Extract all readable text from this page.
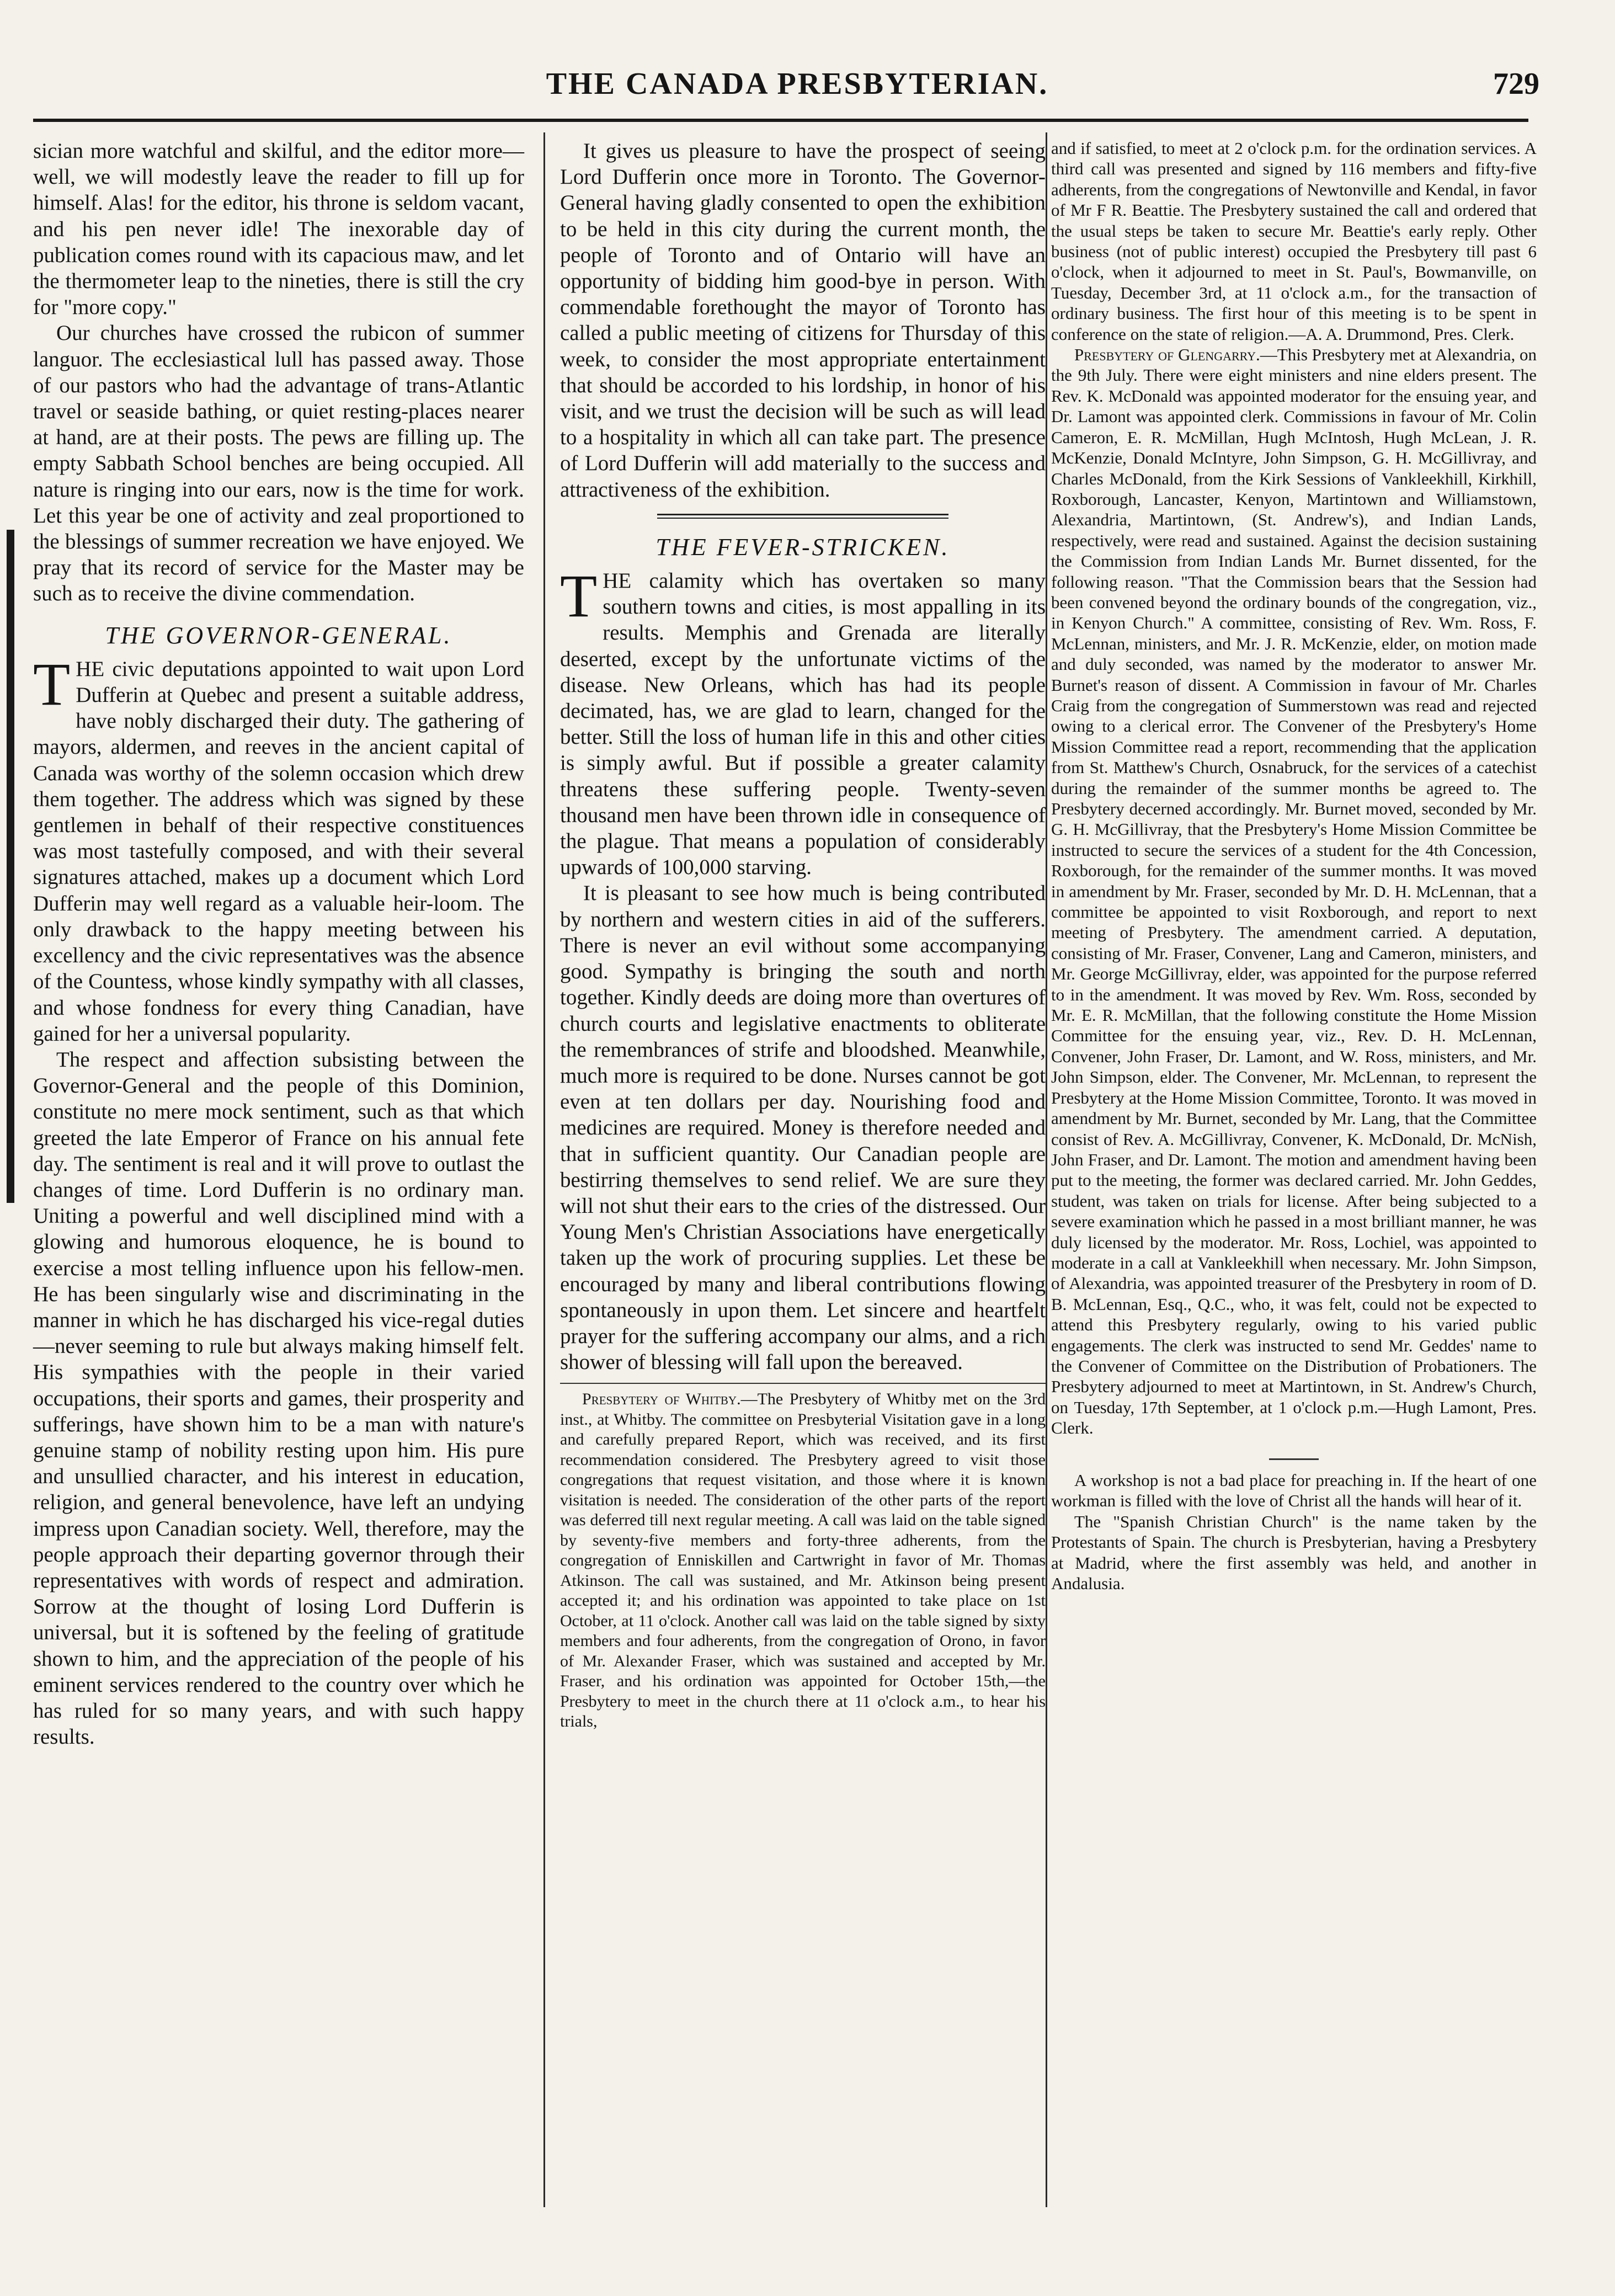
THE CANADA PRESBYTERIAN.	729

sician more watchful and skilful, and the editor more—well, we will modestly leave the reader to fill up for himself. Alas! for the editor, his throne is seldom vacant, and his pen never idle! The inexorable day of publication comes round with its capacious maw, and let the thermometer leap to the nineties, there is still the cry for "more copy."

Our churches have crossed the rubicon of summer languor. The ecclesiastical lull has passed away. Those of our pastors who had the advantage of trans-Atlantic travel or seaside bathing, or quiet resting-places nearer at hand, are at their posts. The pews are filling up. The empty Sabbath School benches are being occupied. All nature is ringing into our ears, now is the time for work. Let this year be one of activity and zeal proportioned to the blessings of summer recreation we have enjoyed. We pray that its record of service for the Master may be such as to receive the divine commendation.

THE GOVERNOR-GENERAL.

THE civic deputations appointed to wait upon Lord Dufferin at Quebec and present a suitable address, have nobly discharged their duty. The gathering of mayors, aldermen, and reeves in the ancient capital of Canada was worthy of the solemn occasion which drew them together. The address which was signed by these gentlemen in behalf of their respective constituences was most tastefully composed, and with their several signatures attached, makes up a document which Lord Dufferin may well regard as a valuable heir-loom. The only drawback to the happy meeting between his excellency and the civic representatives was the absence of the Countess, whose kindly sympathy with all classes, and whose fondness for every thing Canadian, have gained for her a universal popularity.

The respect and affection subsisting between the Governor-General and the people of this Dominion, constitute no mere mock sentiment, such as that which greeted the late Emperor of France on his annual fete day. The sentiment is real and it will prove to outlast the changes of time. Lord Dufferin is no ordinary man. Uniting a powerful and well disciplined mind with a glowing and humorous eloquence, he is bound to exercise a most telling influence upon his fellow-men. He has been singularly wise and discriminating in the manner in which he has discharged his vice-regal duties—never seeming to rule but always making himself felt. His sympathies with the people in their varied occupations, their sports and games, their prosperity and sufferings, have shown him to be a man with nature's genuine stamp of nobility resting upon him. His pure and unsullied character, and his interest in education, religion, and general benevolence, have left an undying impress upon Canadian society. Well, therefore, may the people approach their departing governor through their representatives with words of respect and admiration. Sorrow at the thought of losing Lord Dufferin is universal, but it is softened by the feeling of gratitude shown to him, and the appreciation of the people of his eminent services rendered to the country over which he has ruled for so many years, and with such happy results.

It gives us pleasure to have the prospect of seeing Lord Dufferin once more in Toronto. The Governor-General having gladly consented to open the exhibition to be held in this city during the current month, the people of Toronto and of Ontario will have an opportunity of bidding him good-bye in person. With commendable forethought the mayor of Toronto has called a public meeting of citizens for Thursday of this week, to consider the most appropriate entertainment that should be accorded to his lordship, in honor of his visit, and we trust the decision will be such as will lead to a hospitality in which all can take part. The presence of Lord Dufferin will add materially to the success and attractiveness of the exhibition.

THE FEVER-STRICKEN.

THE calamity which has overtaken so many southern towns and cities, is most appalling in its results. Memphis and Grenada are literally deserted, except by the unfortunate victims of the disease. New Orleans, which has had its people decimated, has, we are glad to learn, changed for the better. Still the loss of human life in this and other cities is simply awful. But if possible a greater calamity threatens these suffering people. Twenty-seven thousand men have been thrown idle in consequence of the plague. That means a population of considerably upwards of 100,000 starving.

It is pleasant to see how much is being contributed by northern and western cities in aid of the sufferers. There is never an evil without some accompanying good. Sympathy is bringing the south and north together. Kindly deeds are doing more than overtures of church courts and legislative enactments to obliterate the remembrances of strife and bloodshed. Meanwhile, much more is required to be done. Nurses cannot be got even at ten dollars per day. Nourishing food and medicines are required. Money is therefore needed and that in sufficient quantity. Our Canadian people are bestirring themselves to send relief. We are sure they will not shut their ears to the cries of the distressed. Our Young Men's Christian Associations have energetically taken up the work of procuring supplies. Let these be encouraged by many and liberal contributions flowing spontaneously in upon them. Let sincere and heartfelt prayer for the suffering accompany our alms, and a rich shower of blessing will fall upon the bereaved.

Presbytery of Whitby.—The Presbytery of Whitby met on the 3rd inst., at Whitby. The committee on Presbyterial Visitation gave in a long and carefully prepared Report, which was received, and its first recommendation considered. The Presbytery agreed to visit those congregations that request visitation, and those where it is known visitation is needed. The consideration of the other parts of the report was deferred till next regular meeting. A call was laid on the table signed by seventy-five members and forty-three adherents, from the congregation of Enniskillen and Cartwright in favor of Mr. Thomas Atkinson. The call was sustained, and Mr. Atkinson being present accepted it; and his ordination was appointed to take place on 1st October, at 11 o'clock. Another call was laid on the table signed by sixty members and four adherents, from the congregation of Orono, in favor of Mr. Alexander Fraser, which was sustained and accepted by Mr. Fraser, and his ordination was appointed for October 15th,—the Presbytery to meet in the church there at 11 o'clock a.m., to hear his trials,

and if satisfied, to meet at 2 o'clock p.m. for the ordination services. A third call was presented and signed by 116 members and fifty-five adherents, from the congregations of Newtonville and Kendal, in favor of Mr F R. Beattie. The Presbytery sustained the call and ordered that the usual steps be taken to secure Mr. Beattie's early reply. Other business (not of public interest) occupied the Presbytery till past 6 o'clock, when it adjourned to meet in St. Paul's, Bowmanville, on Tuesday, December 3rd, at 11 o'clock a.m., for the transaction of ordinary business. The first hour of this meeting is to be spent in conference on the state of religion.—A. A. Drummond, Pres. Clerk.

Presbytery of Glengarry.—This Presbytery met at Alexandria, on the 9th July. There were eight ministers and nine elders present. The Rev. K. McDonald was appointed moderator for the ensuing year, and Dr. Lamont was appointed clerk. Commissions in favour of Mr. Colin Cameron, E. R. McMillan, Hugh McIntosh, Hugh McLean, J. R. McKenzie, Donald McIntyre, John Simpson, G. H. McGillivray, and Charles McDonald, from the Kirk Sessions of Vankleekhill, Kirkhill, Roxborough, Lancaster, Kenyon, Martintown and Williamstown, Alexandria, Martintown, (St. Andrew's), and Indian Lands, respectively, were read and sustained. Against the decision sustaining the Commission from Indian Lands Mr. Burnet dissented, for the following reason. "That the Commission bears that the Session had been convened beyond the ordinary bounds of the congregation, viz., in Kenyon Church." A committee, consisting of Rev. Wm. Ross, F. McLennan, ministers, and Mr. J. R. McKenzie, elder, on motion made and duly seconded, was named by the moderator to answer Mr. Burnet's reason of dissent. A Commission in favour of Mr. Charles Craig from the congregation of Summerstown was read and rejected owing to a clerical error. The Convener of the Presbytery's Home Mission Committee read a report, recommending that the application from St. Matthew's Church, Osnabruck, for the services of a catechist during the remainder of the summer months be agreed to. The Presbytery decerned accordingly. Mr. Burnet moved, seconded by Mr. G. H. McGillivray, that the Presbytery's Home Mission Committee be instructed to secure the services of a student for the 4th Concession, Roxborough, for the remainder of the summer months. It was moved in amendment by Mr. Fraser, seconded by Mr. D. H. McLennan, that a committee be appointed to visit Roxborough, and report to next meeting of Presbytery. The amendment carried. A deputation, consisting of Mr. Fraser, Convener, Lang and Cameron, ministers, and Mr. George McGillivray, elder, was appointed for the purpose referred to in the amendment. It was moved by Rev. Wm. Ross, seconded by Mr. E. R. McMillan, that the following constitute the Home Mission Committee for the ensuing year, viz., Rev. D. H. McLennan, Convener, John Fraser, Dr. Lamont, and W. Ross, ministers, and Mr. John Simpson, elder. The Convener, Mr. McLennan, to represent the Presbytery at the Home Mission Committee, Toronto. It was moved in amendment by Mr. Burnet, seconded by Mr. Lang, that the Committee consist of Rev. A. McGillivray, Convener, K. McDonald, Dr. McNish, John Fraser, and Dr. Lamont. The motion and amendment having been put to the meeting, the former was declared carried. Mr. John Geddes, student, was taken on trials for license. After being subjected to a severe examination which he passed in a most brilliant manner, he was duly licensed by the moderator. Mr. Ross, Lochiel, was appointed to moderate in a call at Vankleekhill when necessary. Mr. John Simpson, of Alexandria, was appointed treasurer of the Presbytery in room of D. B. McLennan, Esq., Q.C., who, it was felt, could not be expected to attend this Presbytery regularly, owing to his varied public engagements. The clerk was instructed to send Mr. Geddes' name to the Convener of Committee on the Distribution of Probationers. The Presbytery adjourned to meet at Martintown, in St. Andrew's Church, on Tuesday, 17th September, at 1 o'clock p.m.—Hugh Lamont, Pres. Clerk.

A workshop is not a bad place for preaching in. If the heart of one workman is filled with the love of Christ all the hands will hear of it.

The "Spanish Christian Church" is the name taken by the Protestants of Spain. The church is Presbyterian, having a Presbytery at Madrid, where the first assembly was held, and another in Andalusia.
